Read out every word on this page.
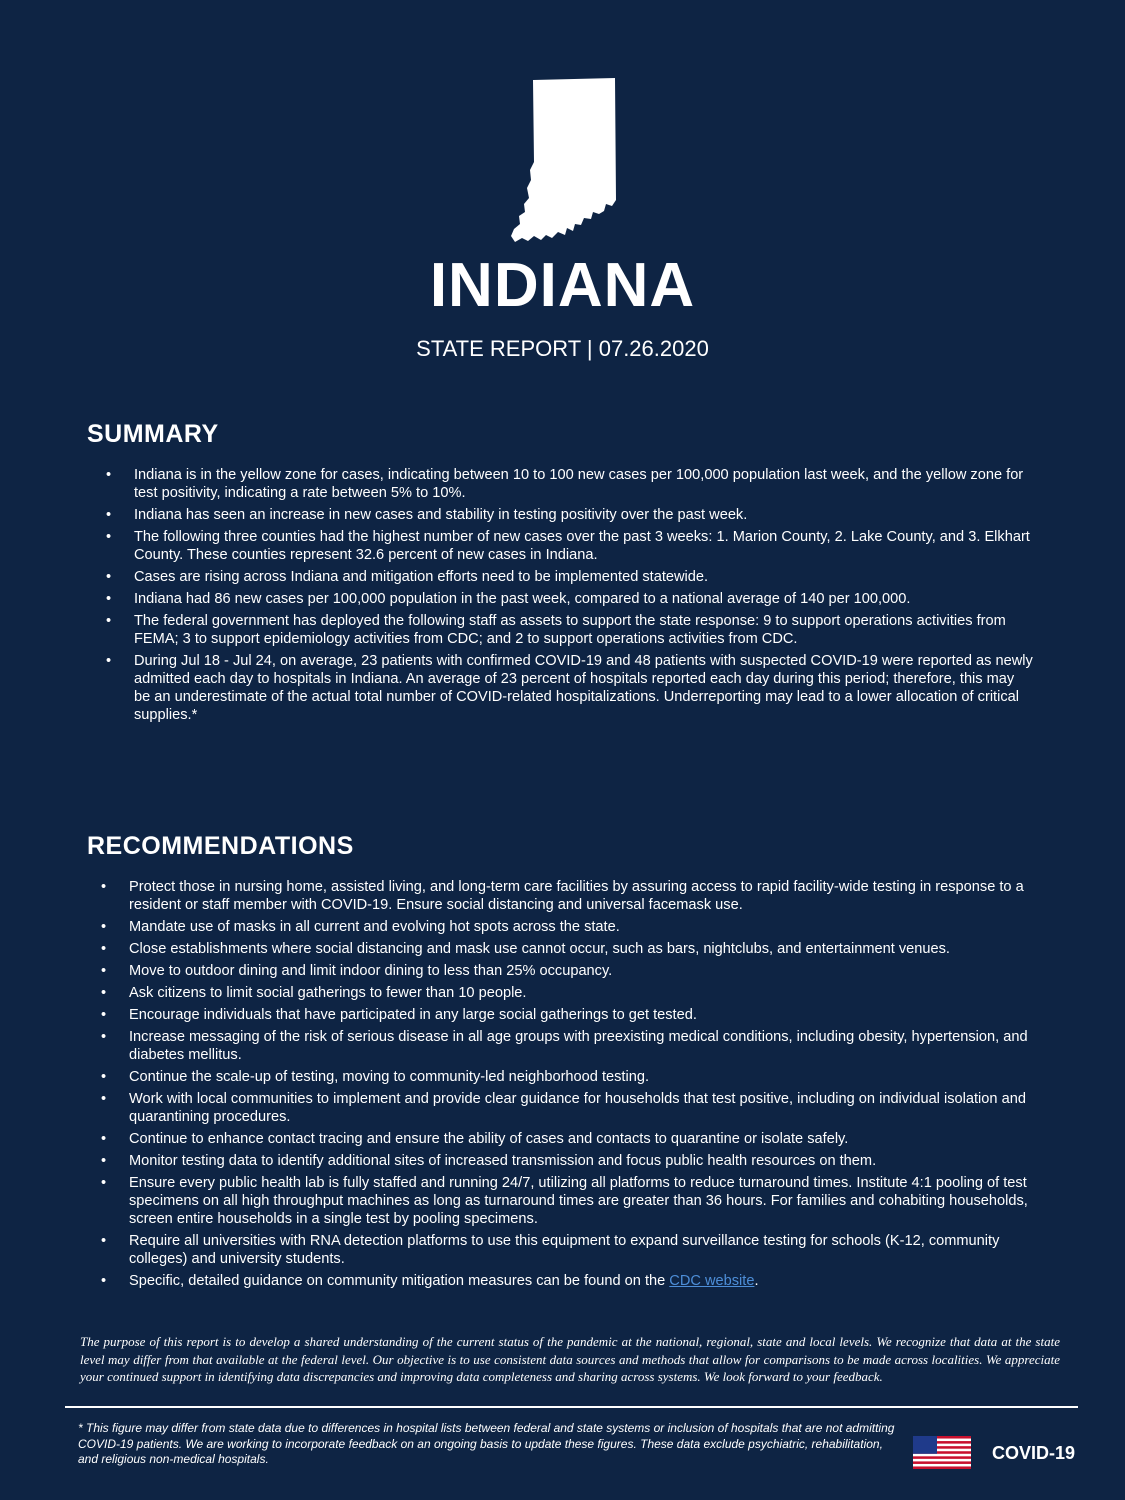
INDIANA
STATE REPORT | 07.26.2020
SUMMARY
• Indiana is in the yellow zone for cases, indicating between 10 to 100 new cases per 100,000 population last week, and the yellow zone for test positivity, indicating a rate between 5% to 10%.
• Indiana has seen an increase in new cases and stability in testing positivity over the past week.
• The following three counties had the highest number of new cases over the past 3 weeks: 1. Marion County, 2. Lake County, and 3. Elkhart County. These counties represent 32.6 percent of new cases in Indiana.
• Cases are rising across Indiana and mitigation efforts need to be implemented statewide.
• Indiana had 86 new cases per 100,000 population in the past week, compared to a national average of 140 per 100,000.
• The federal government has deployed the following staff as assets to support the state response: 9 to support operations activities from FEMA; 3 to support epidemiology activities from CDC; and 2 to support operations activities from CDC.
• During Jul 18 - Jul 24, on average, 23 patients with confirmed COVID-19 and 48 patients with suspected COVID-19 were reported as newly admitted each day to hospitals in Indiana. An average of 23 percent of hospitals reported each day during this period; therefore, this may be an underestimate of the actual total number of COVID-related hospitalizations. Underreporting may lead to a lower allocation of critical supplies.*
RECOMMENDATIONS
• Protect those in nursing home, assisted living, and long-term care facilities by assuring access to rapid facility-wide testing in response to a resident or staff member with COVID-19. Ensure social distancing and universal facemask use.
• Mandate use of masks in all current and evolving hot spots across the state.
• Close establishments where social distancing and mask use cannot occur, such as bars, nightclubs, and entertainment venues.
• Move to outdoor dining and limit indoor dining to less than 25% occupancy.
• Ask citizens to limit social gatherings to fewer than 10 people.
• Encourage individuals that have participated in any large social gatherings to get tested.
• Increase messaging of the risk of serious disease in all age groups with preexisting medical conditions, including obesity, hypertension, and diabetes mellitus.
• Continue the scale-up of testing, moving to community-led neighborhood testing.
• Work with local communities to implement and provide clear guidance for households that test positive, including on individual isolation and quarantining procedures.
• Continue to enhance contact tracing and ensure the ability of cases and contacts to quarantine or isolate safely.
• Monitor testing data to identify additional sites of increased transmission and focus public health resources on them.
• Ensure every public health lab is fully staffed and running 24/7, utilizing all platforms to reduce turnaround times. Institute 4:1 pooling of test specimens on all high throughput machines as long as turnaround times are greater than 36 hours. For families and cohabiting households, screen entire households in a single test by pooling specimens.
• Require all universities with RNA detection platforms to use this equipment to expand surveillance testing for schools (K-12, community colleges) and university students.
• Specific, detailed guidance on community mitigation measures can be found on the CDC website.
The purpose of this report is to develop a shared understanding of the current status of the pandemic at the national, regional, state and local levels. We recognize that data at the state level may differ from that available at the federal level. Our objective is to use consistent data sources and methods that allow for comparisons to be made across localities. We appreciate your continued support in identifying data discrepancies and improving data completeness and sharing across systems. We look forward to your feedback.
* This figure may differ from state data due to differences in hospital lists between federal and state systems or inclusion of hospitals that are not admitting COVID-19 patients. We are working to incorporate feedback on an ongoing basis to update these figures. These data exclude psychiatric, rehabilitation, and religious non-medical hospitals.	COVID-19
